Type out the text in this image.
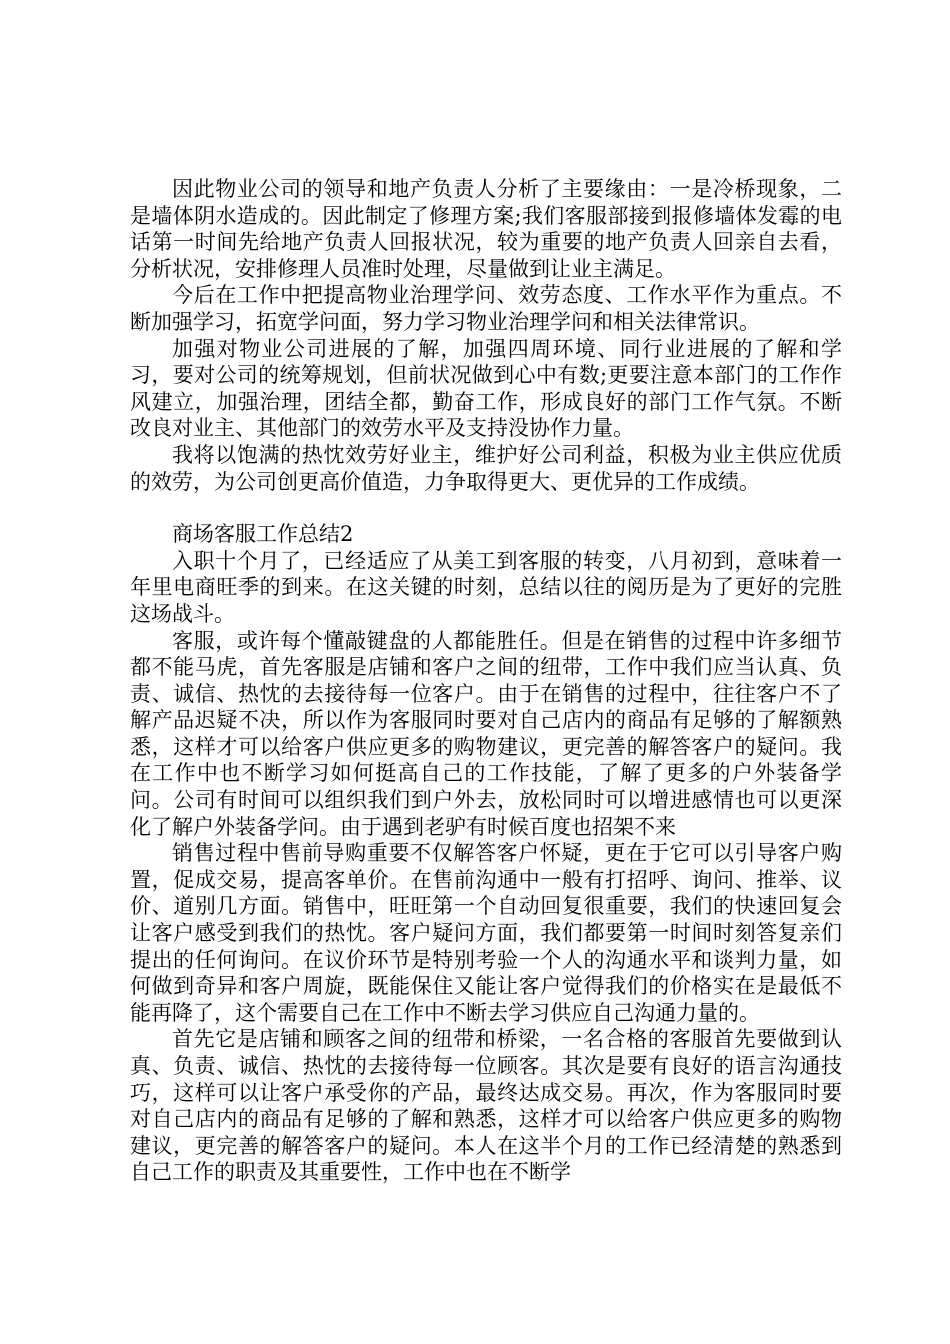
因此物业公司的领导和地产负责人分析了主要缘由：一是冷桥现象，二是墙体阴水造成的。因此制定了修理方案;我们客服部接到报修墙体发霉的电话第一时间先给地产负责人回报状况，较为重要的地产负责人回亲自去看，分析状况，安排修理人员准时处理，尽量做到让业主满足。

今后在工作中把提高物业治理学问、效劳态度、工作水平作为重点。不断加强学习，拓宽学问面，努力学习物业治理学问和相关法律常识。

加强对物业公司进展的了解，加强四周环境、同行业进展的了解和学习，要对公司的统筹规划，但前状况做到心中有数;更要注意本部门的工作作风建立，加强治理，团结全都，勤奋工作，形成良好的部门工作气氛。不断改良对业主、其他部门的效劳水平及支持没协作力量。

我将以饱满的热忱效劳好业主，维护好公司利益，积极为业主供应优质的效劳，为公司创更高价值造，力争取得更大、更优异的工作成绩。

商场客服工作总结2

入职十个月了，已经适应了从美工到客服的转变，八月初到，意味着一年里电商旺季的到来。在这关键的时刻，总结以往的阅历是为了更好的完胜这场战斗。

客服，或许每个懂敲键盘的人都能胜任。但是在销售的过程中许多细节都不能马虎，首先客服是店铺和客户之间的纽带，工作中我们应当认真、负责、诚信、热忱的去接待每一位客户。由于在销售的过程中，往往客户不了解产品迟疑不决，所以作为客服同时要对自己店内的商品有足够的了解额熟悉，这样才可以给客户供应更多的购物建议，更完善的解答客户的疑问。我在工作中也不断学习如何挺高自己的工作技能，了解了更多的户外装备学问。公司有时间可以组织我们到户外去，放松同时可以增进感情也可以更深化了解户外装备学问。由于遇到老驴有时候百度也招架不来

销售过程中售前导购重要不仅解答客户怀疑，更在于它可以引导客户购置，促成交易，提高客单价。在售前沟通中一般有打招呼、询问、推举、议价、道别几方面。销售中，旺旺第一个自动回复很重要，我们的快速回复会让客户感受到我们的热忱。客户疑问方面，我们都要第一时间时刻答复亲们提出的任何询问。在议价环节是特别考验一个人的沟通水平和谈判力量，如何做到奇异和客户周旋，既能保住又能让客户觉得我们的价格实在是最低不能再降了，这个需要自己在工作中不断去学习供应自己沟通力量的。

首先它是店铺和顾客之间的纽带和桥梁，一名合格的客服首先要做到认真、负责、诚信、热忱的去接待每一位顾客。其次是要有良好的语言沟通技巧，这样可以让客户承受你的产品，最终达成交易。再次，作为客服同时要对自己店内的商品有足够的了解和熟悉，这样才可以给客户供应更多的购物建议，更完善的解答客户的疑问。本人在这半个月的工作已经清楚的熟悉到自己工作的职责及其重要性，工作中也在不断学
